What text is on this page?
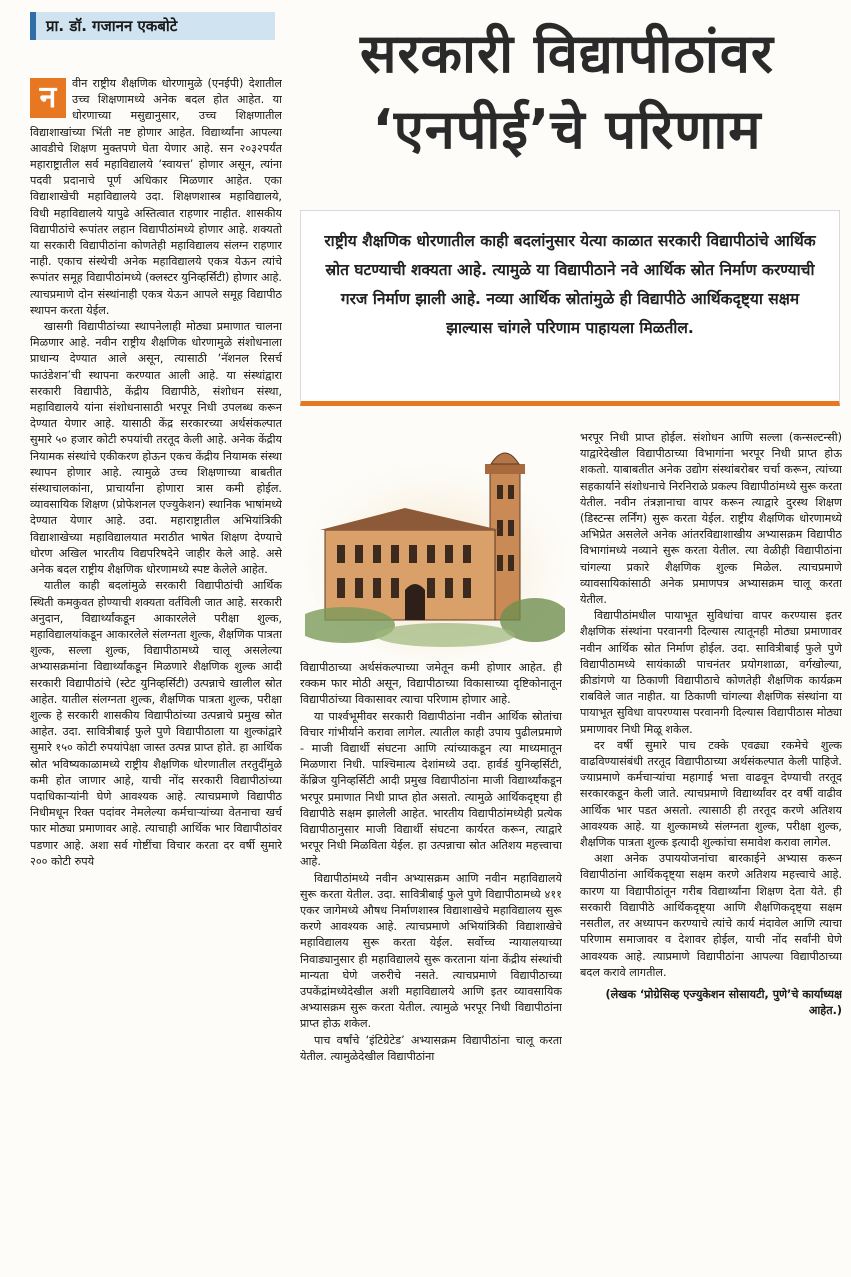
प्रा. डॉ. गजानन एकबोटे	सरकारी विद्यापीठांवर
‘एनपीई’चे परिणाम
राष्ट्रीय शैक्षणिक धोरणातील काही बदलांनुसार येत्या काळात सरकारी विद्यापीठांचे आर्थिक स्रोत घटण्याची शक्यता आहे. त्यामुळे या विद्यापीठाने नवे आर्थिक स्रोत निर्माण करण्याची गरज निर्माण झाली आहे. नव्या आर्थिक स्रोतांमुळे ही विद्यापीठे आर्थिकदृष्ट्या सक्षम झाल्यास चांगले परिणाम पाहायला मिळतील.

न	वीन राष्ट्रीय शैक्षणिक धोरणामुळे (एनईपी) देशातील उच्च शिक्षणामध्ये अनेक बदल होत आहेत. या धोरणाच्या मसुद्यानुसार, उच्च शिक्षणातील विद्याशाखांच्या भिंती नष्ट होणार आहेत. विद्यार्थ्यांना आपल्या आवडीचे शिक्षण मुक्तपणे घेता येणार आहे. सन २०३२पर्यंत महाराष्ट्रातील सर्व महाविद्यालये ‘स्वायत्त’ होणार असून, त्यांना पदवी प्रदानाचे पूर्ण अधिकार मिळणार आहेत. एका विद्याशाखेची महाविद्यालये उदा. शिक्षणशास्त्र महाविद्यालये, विधी महाविद्यालये यापुढे अस्तित्वात राहणार नाहीत. शासकीय विद्यापीठांचे रूपांतर लहान विद्यापीठांमध्ये होणार आहे. शक्यतो या सरकारी विद्यापीठांना कोणतेही महाविद्यालय संलग्न राहणार नाही. एकाच संस्थेची अनेक महाविद्यालये एकत्र येऊन त्यांचे रूपांतर समूह विद्यापीठांमध्ये (क्लस्टर युनिव्हर्सिटी) होणार आहे. त्याचप्रमाणे दोन संस्थांनाही एकत्र येऊन आपले समूह विद्यापीठ स्थापन करता येईल.

खासगी विद्यापीठांच्या स्थापनेलाही मोठ्या प्रमाणात चालना मिळणार आहे. नवीन राष्ट्रीय शैक्षणिक धोरणामुळे संशोधनाला प्राधान्य देण्यात आले असून, त्यासाठी ‘नॅशनल रिसर्च फाउंडेशन’ची स्थापना करण्यात आली आहे. या संस्थांद्वारा सरकारी विद्यापीठे, केंद्रीय विद्यापीठे, संशोधन संस्था, महाविद्यालये यांना संशोधनासाठी भरपूर निधी उपलब्ध करून देण्यात येणार आहे. यासाठी केंद्र सरकारच्या अर्थसंकल्पात सुमारे ५० हजार कोटी रुपयांची तरतूद केली आहे. अनेक केंद्रीय नियामक संस्थांचे एकीकरण होऊन एकच केंद्रीय नियामक संस्था स्थापन होणार आहे. त्यामुळे उच्च शिक्षणाच्या बाबतीत संस्थाचालकांना, प्राचार्यांना होणारा त्रास कमी होईल. व्यावसायिक शिक्षण (प्रोफेशनल एज्युकेशन) स्थानिक भाषांमध्ये देण्यात येणार आहे. उदा. महाराष्ट्रातील अभियांत्रिकी विद्याशाखेच्या महाविद्यालयात मराठीत भाषेत शिक्षण देण्याचे धोरण अखिल भारतीय विद्यपरिषदेने जाहीर केले आहे. असे अनेक बदल राष्ट्रीय शैक्षणिक धोरणामध्ये स्पष्ट केलेले आहेत.

यातील काही बदलांमुळे सरकारी विद्यापीठांची आर्थिक स्थिती कमकुवत होण्याची शक्यता वर्तविली जात आहे. सरकारी अनुदान, विद्यार्थ्यांकडून आकारलेले परीक्षा शुल्क, महाविद्यालयांकडून आकारलेले संलग्नता शुल्क, शैक्षणिक पात्रता शुल्क, सल्ला शुल्क, विद्यापीठामध्ये चालू असलेल्या अभ्यासक्रमांना विद्यार्थ्यांकडून मिळणारे शैक्षणिक शुल्क आदी सरकारी विद्यापीठांचे (स्टेट युनिव्हर्सिटी) उत्पन्नाचे खालील स्रोत आहेत. यातील संलग्नता शुल्क, शैक्षणिक पात्रता शुल्क, परीक्षा शुल्क हे सरकारी शासकीय विद्यापीठांच्या उत्पन्नाचे प्रमुख स्रोत आहेत. उदा. सावित्रीबाई फुले पुणे विद्यापीठाला या शुल्कांद्वारे सुमारे १५० कोटी रुपयांपेक्षा जास्त उत्पन्न प्राप्त होते. हा आर्थिक स्रोत भविष्यकाळामध्ये राष्ट्रीय शैक्षणिक धोरणातील तरतुदींमुळे कमी होत जाणार आहे, याची नोंद सरकारी विद्यापीठांच्या पदाधिकाऱ्यांनी घेणे आवश्यक आहे. त्याचप्रमाणे विद्यापीठ निधीमधून रिक्त पदांवर नेमलेल्या कर्मचाऱ्यांच्या वेतनाचा खर्च फार मोठ्या प्रमाणावर आहे. त्याचाही आर्थिक भार विद्यापीठांवर पडणार आहे. अशा सर्व गोष्टींचा विचार करता दर वर्षी सुमारे २०० कोटी रुपये

विद्यापीठाच्या अर्थसंकल्पाच्या जमेतून कमी होणार आहेत. ही रक्कम फार मोठी असून, विद्यापीठाच्या विकासाच्या दृष्टिकोनातून विद्यापीठांच्या विकासावर त्याचा परिणाम होणार आहे.

या पार्श्वभूमीवर सरकारी विद्यापीठांना नवीन आर्थिक स्रोतांचा विचार गांभीर्याने करावा लागेल. त्यातील काही उपाय पुढीलप्रमाणे - माजी विद्यार्थी संघटना आणि त्यांच्याकडून त्या माध्यमातून मिळणारा निधी. पाश्चिमात्य देशांमध्ये उदा. हार्वर्ड युनिव्हर्सिटी, केंब्रिज युनिव्हर्सिटी आदी प्रमुख विद्यापीठांना माजी विद्यार्थ्यांकडून भरपूर प्रमाणात निधी प्राप्त होत असतो. त्यामुळे आर्थिकदृष्ट्या ही विद्यापीठे सक्षम झालेली आहेत. भारतीय विद्यापीठांमध्येही प्रत्येक विद्यापीठानुसार माजी विद्यार्थी संघटना कार्यरत करून, त्याद्वारे भरपूर निधी मिळविता येईल. हा उत्पन्नाचा स्रोत अतिशय महत्त्वाचा आहे.

विद्यापीठांमध्ये नवीन अभ्यासक्रम आणि नवीन महाविद्यालये सुरू करता येतील. उदा. सावित्रीबाई फुले पुणे विद्यापीठामध्ये ४११ एकर जागेमध्ये औषध निर्माणशास्त्र विद्याशाखेचे महाविद्यालय सुरू करणे आवश्यक आहे. त्याचप्रमाणे अभियांत्रिकी विद्याशाखेचे महाविद्यालय सुरू करता येईल. सर्वोच्च न्यायालयाच्या निवाड्यानुसार ही महाविद्यालये सुरू करताना यांना केंद्रीय संस्थांची मान्यता घेणे जरुरीचे नसते. त्याचप्रमाणे विद्यापीठाच्या उपकेंद्रांमध्येदेखील अशी महाविद्यालये आणि इतर व्यावसायिक अभ्यासक्रम सुरू करता येतील. त्यामुळे भरपूर निधी विद्यापीठांना प्राप्त होऊ शकेल.

पाच वर्षांचे ‘इंटिग्रेटेड’ अभ्यासक्रम विद्यापीठांना चालू करता येतील. त्यामुळेदेखील विद्यापीठांना

भरपूर निधी प्राप्त होईल. संशोधन आणि सल्ला (कन्सल्टन्सी) याद्वारेदेखील विद्यापीठाच्या विभागांना भरपूर निधी प्राप्त होऊ शकतो. याबाबतीत अनेक उद्योग संस्थांबरोबर चर्चा करून, त्यांच्या सहकार्याने संशोधनाचे निरनिराळे प्रकल्प विद्यापीठांमध्ये सुरू करता येतील. नवीन तंत्रज्ञानाचा वापर करून त्याद्वारे दुरस्थ शिक्षण (डिस्टन्स लर्निंग) सुरू करता येईल. राष्ट्रीय शैक्षणिक धोरणामध्ये अभिप्रेत असलेले अनेक आंतरविद्याशाखीय अभ्यासक्रम विद्यापीठ विभागांमध्ये नव्याने सुरू करता येतील. त्या वेळीही विद्यापीठांना चांगल्या प्रकारे शैक्षणिक शुल्क मिळेल. त्याचप्रमाणे व्यावसायिकांसाठी अनेक प्रमाणपत्र अभ्यासक्रम चालू करता येतील.

विद्यापीठांमधील पायाभूत सुविधांचा वापर करण्यास इतर शैक्षणिक संस्थांना परवानगी दिल्यास त्यातूनही मोठ्या प्रमाणावर नवीन आर्थिक स्रोत निर्माण होईल. उदा. सावित्रीबाई फुले पुणे विद्यापीठामध्ये सायंकाळी पाचनंतर प्रयोगशाळा, वर्गखोल्या, क्रीडांगणे या ठिकाणी विद्यापीठाचे कोणतेही शैक्षणिक कार्यक्रम राबविले जात नाहीत. या ठिकाणी चांगल्या शैक्षणिक संस्थांना या पायाभूत सुविधा वापरण्यास परवानगी दिल्यास विद्यापीठास मोठ्या प्रमाणावर निधी मिळू शकेल.

दर वर्षी सुमारे पाच टक्के एवढ्या रकमेचे शुल्क वाढविण्यासंबंधी तरतूद विद्यापीठाच्या अर्थसंकल्पात केली पाहिजे. ज्याप्रमाणे कर्मचाऱ्यांचा महागाई भत्ता वाढवून देण्याची तरतूद सरकारकडून केली जाते. त्याचप्रमाणे विद्यार्थ्यांवर दर वर्षी वाढीव आर्थिक भार पडत असतो. त्यासाठी ही तरतूद करणे अतिशय आवश्यक आहे. या शुल्कामध्ये संलग्नता शुल्क, परीक्षा शुल्क, शैक्षणिक पात्रता शुल्क इत्यादी शुल्कांचा समावेश करावा लागेल.

अशा अनेक उपाययोजनांचा बारकाईने अभ्यास करून विद्यापीठांना आर्थिकदृष्ट्या सक्षम करणे अतिशय महत्त्वाचे आहे. कारण या विद्यापीठांतून गरीब विद्यार्थ्यांना शिक्षण देता येते. ही सरकारी विद्यापीठे आर्थिकदृष्ट्या आणि शैक्षणिकदृष्ट्या सक्षम नसतील, तर अध्यापन करण्याचे त्यांचे कार्य मंदावेल आणि त्याचा परिणाम समाजावर व देशावर होईल, याची नोंद सर्वांनी घेणे आवश्यक आहे. त्याप्रमाणे विद्यापीठांना आपल्या विद्यापीठाच्या बदल करावे लागतील.

(लेखक ‘प्रोग्रेसिव्ह एज्युकेशन सोसायटी, पुणे’चे कार्याध्यक्ष आहेत.)
